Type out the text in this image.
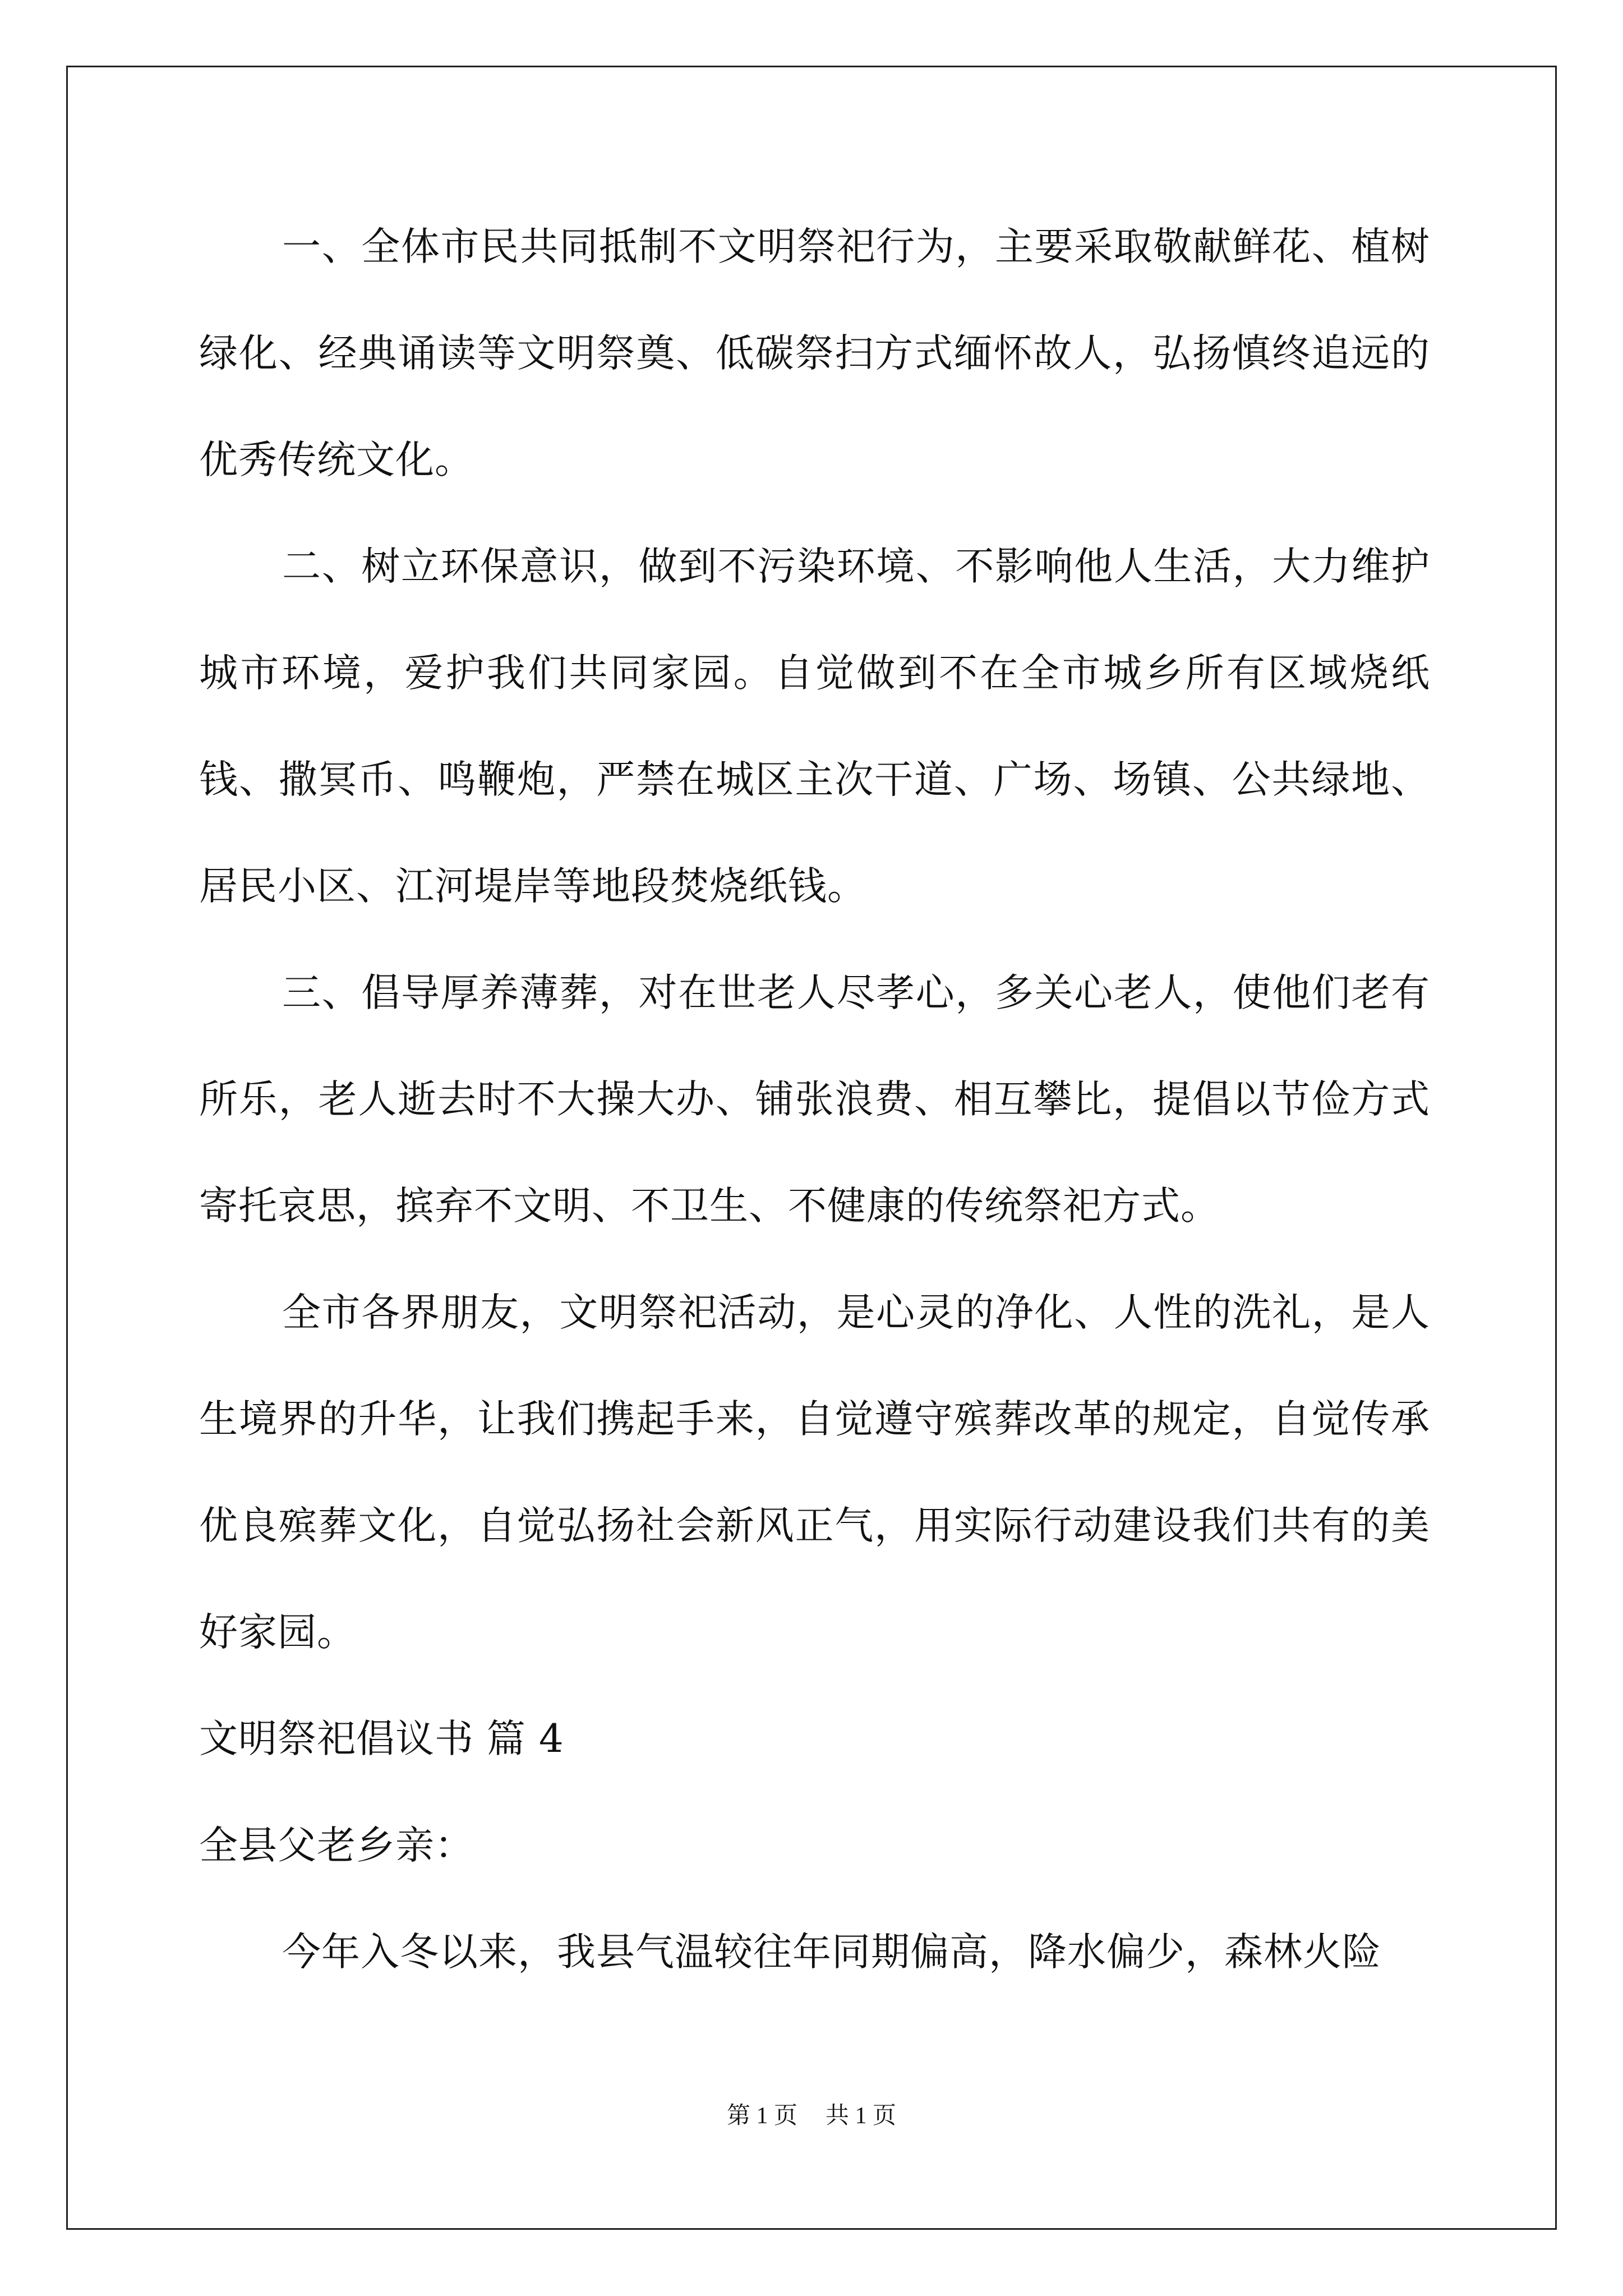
一、全体市民共同抵制不文明祭祀行为，主要采取敬献鲜花、植树绿化、经典诵读等文明祭奠、低碳祭扫方式缅怀故人，弘扬慎终追远的优秀传统文化。

二、树立环保意识，做到不污染环境、不影响他人生活，大力维护城市环境，爱护我们共同家园。自觉做到不在全市城乡所有区域烧纸钱、撒冥币、鸣鞭炮，严禁在城区主次干道、广场、场镇、公共绿地、居民小区、江河堤岸等地段焚烧纸钱。

三、倡导厚养薄葬，对在世老人尽孝心，多关心老人，使他们老有所乐，老人逝去时不大操大办、铺张浪费、相互攀比，提倡以节俭方式寄托哀思，摈弃不文明、不卫生、不健康的传统祭祀方式。

全市各界朋友，文明祭祀活动，是心灵的净化、人性的洗礼，是人生境界的升华，让我们携起手来，自觉遵守殡葬改革的规定，自觉传承优良殡葬文化，自觉弘扬社会新风正气，用实际行动建设我们共有的美好家园。

文明祭祀倡议书 篇 4

全县父老乡亲：

今年入冬以来，我县气温较往年同期偏高，降水偏少，森林火险

第 1 页 共 1 页
